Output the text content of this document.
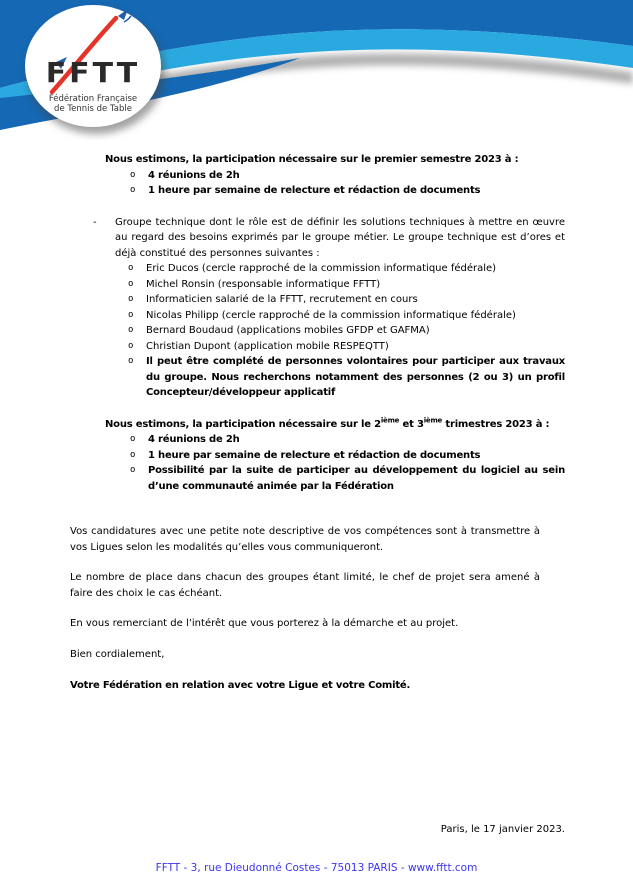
FFTT
Fédération Française
de Tennis de Table
Nous estimons, la participation nécessaire sur le premier semestre 2023 à :
o	4 réunions de 2h
o	1 heure par semaine de relecture et rédaction de documents
-	Groupe technique dont le rôle est de définir les solutions techniques à mettre en œuvre au regard des besoins exprimés par le groupe métier. Le groupe technique est d’ores et déjà constitué des personnes suivantes :
o	Eric Ducos (cercle rapproché de la commission informatique fédérale)
o	Michel Ronsin (responsable informatique FFTT)
o	Informaticien salarié de la FFTT, recrutement en cours
o	Nicolas Philipp (cercle rapproché de la commission informatique fédérale)
o	Bernard Boudaud (applications mobiles GFDP et GAFMA)
o	Christian Dupont (application mobile RESPEQTT)
o	Il peut être complété de personnes volontaires pour participer aux travaux du groupe. Nous recherchons notamment des personnes (2 ou 3) un profil Concepteur/développeur applicatif
Nous estimons, la participation nécessaire sur le 2ième et 3ième trimestres 2023 à :
o	4 réunions de 2h
o	1 heure par semaine de relecture et rédaction de documents
o	Possibilité par la suite de participer au développement du logiciel au sein d’une communauté animée par la Fédération

Vos candidatures avec une petite note descriptive de vos compétences sont à transmettre à vos Ligues selon les modalités qu’elles vous communiqueront.

Le nombre de place dans chacun des groupes étant limité, le chef de projet sera amené à faire des choix le cas échéant.

En vous remerciant de l’intérêt que vous porterez à la démarche et au projet.

Bien cordialement,

Votre Fédération en relation avec votre Ligue et votre Comité.
Paris, le 17 janvier 2023.
FFTT - 3, rue Dieudonné Costes - 75013 PARIS - www.fftt.com
